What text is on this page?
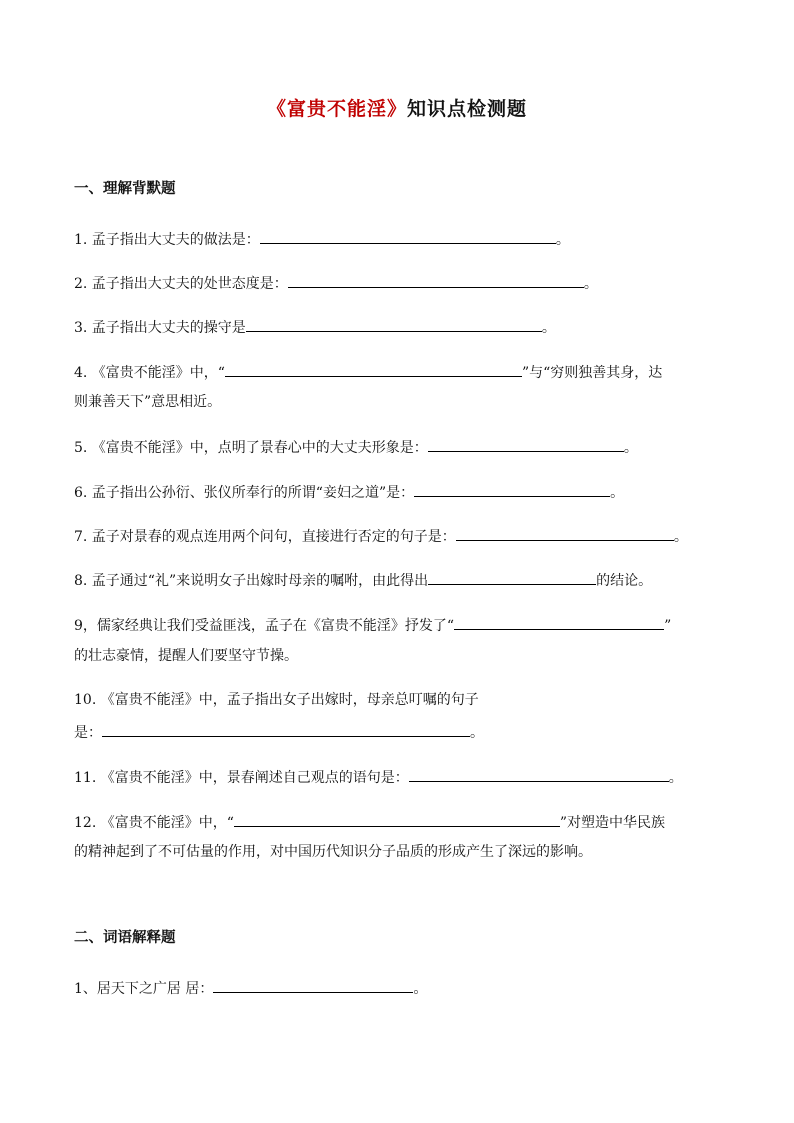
《富贵不能淫》知识点检测题
一、理解背默题
1. 孟子指出大丈夫的做法是：	。
2. 孟子指出大丈夫的处世态度是：	。
3. 孟子指出大丈夫的操守是	。
4. 《富贵不能淫》中，“	”与“穷则独善其身，达
则兼善天下”意思相近。
5. 《富贵不能淫》中，点明了景春心中的大丈夫形象是：	。
6. 孟子指出公孙衍、张仪所奉行的所谓“妾妇之道”是：	。
7. 孟子对景春的观点连用两个问句，直接进行否定的句子是：	。
8. 孟子通过“礼”来说明女子出嫁时母亲的嘱咐，由此得出	的结论。
9，儒家经典让我们受益匪浅，孟子在《富贵不能淫》抒发了“	”
的壮志豪情，提醒人们要坚守节操。
10. 《富贵不能淫》中，孟子指出女子出嫁时，母亲总叮嘱的句子
是：	。
11. 《富贵不能淫》中，景春阐述自己观点的语句是：	。
12. 《富贵不能淫》中，“	”对塑造中华民族
的精神起到了不可估量的作用，对中国历代知识分子品质的形成产生了深远的影响。
二、词语解释题
1、居天下之广居 居：	。
